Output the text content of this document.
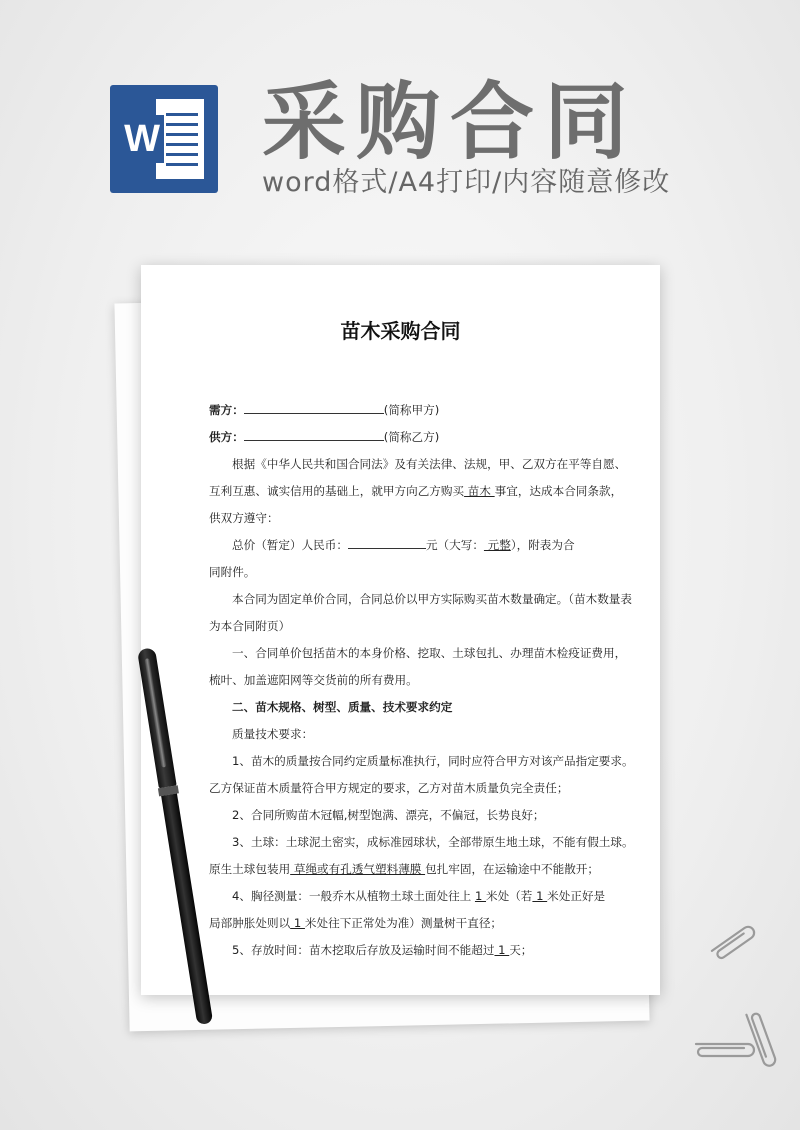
W 采购合同
word格式/A4打印/内容随意修改
苗木采购合同

需方：	(简称甲方)

供方：	(简称乙方)

根据《中华人民共和国合同法》及有关法律、法规，甲、乙双方在平等自愿、

互利互惠、诚实信用的基础上，就甲方向乙方购买 苗木 事宜，达成本合同条款，

供双方遵守：

总价（暂定）人民币：	元（大写： 元整），附表为合

同附件。

本合同为固定单价合同，合同总价以甲方实际购买苗木数量确定。（苗木数量表

为本合同附页）

一、合同单价包括苗木的本身价格、挖取、土球包扎、办理苗木检疫证费用，

梳叶、加盖遮阳网等交货前的所有费用。

二、苗木规格、树型、质量、技术要求约定

质量技术要求：

1、苗木的质量按合同约定质量标准执行，同时应符合甲方对该产品指定要求。

乙方保证苗木质量符合甲方规定的要求，乙方对苗木质量负完全责任；

2、合同所购苗木冠幅,树型饱满、漂亮，不偏冠，长势良好；

3、土球：土球泥土密实，成标准园球状，全部带原生地土球，不能有假土球。

原生土球包装用 草绳或有孔透气塑料薄膜 包扎牢固，在运输途中不能散开；

4、胸径测量：一般乔木从植物土球土面处往上 1 米处（若 1 米处正好是

局部肿胀处则以 1 米处往下正常处为准）测量树干直径；

5、存放时间：苗木挖取后存放及运输时间不能超过 1 天；
